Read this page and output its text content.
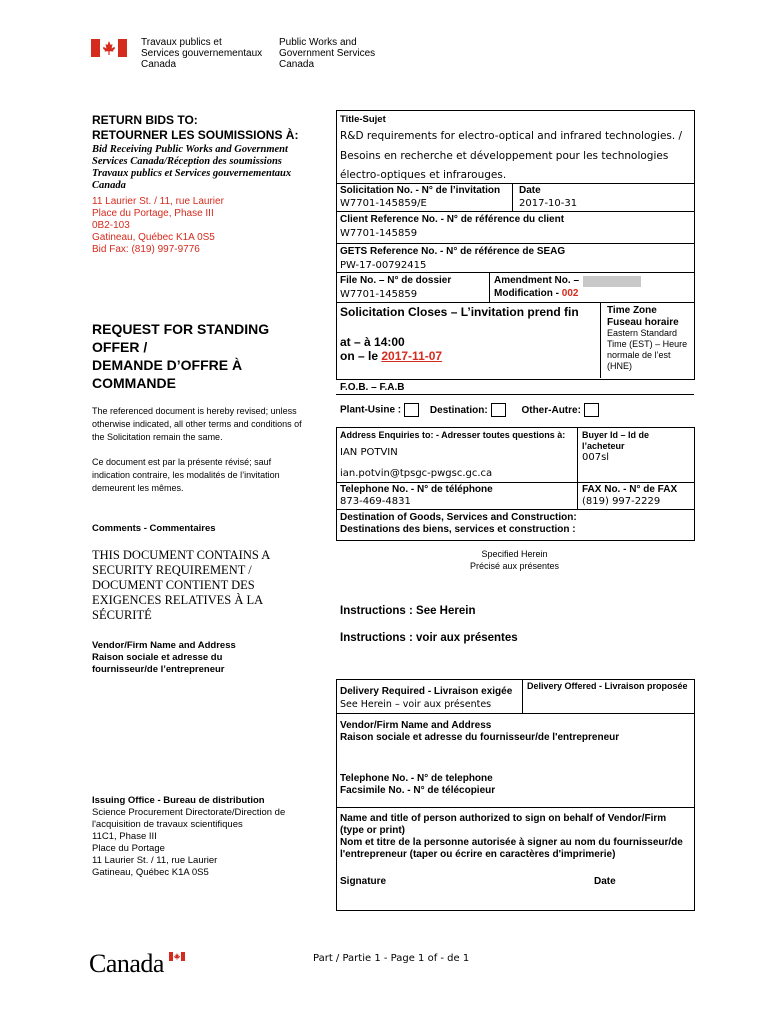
Travaux publics et
Services gouvernementaux
Canada
Public Works and
Government Services
Canada
RETURN BIDS TO:
RETOURNER LES SOUMISSIONS À:
Bid Receiving Public Works and Government Services Canada/Réception des soumissions Travaux publics et Services gouvernementaux Canada
11 Laurier St. / 11, rue Laurier
Place du Portage, Phase III
0B2-103
Gatineau, Québec K1A 0S5
Bid Fax: (819) 997-9776
REQUEST FOR STANDING
OFFER /
DEMANDE D’OFFRE À
COMMANDE
The referenced document is hereby revised; unless otherwise indicated, all other terms and conditions of the Solicitation remain the same.
Ce document est par la présente révisé; sauf indication contraire, les modalités de l’invitation demeurent les mêmes.
Comments - Commentaires
THIS DOCUMENT CONTAINS A SECURITY REQUIREMENT / DOCUMENT CONTIENT DES EXIGENCES RELATIVES À LA SÉCURITÉ
Vendor/Firm Name and Address Raison sociale et adresse du fournisseur/de l’entrepreneur
Issuing Office - Bureau de distribution
Science Procurement Directorate/Direction de
l'acquisition de travaux scientifiques
11C1, Phase III
Place du Portage
11 Laurier St. / 11, rue Laurier
Gatineau, Québec K1A 0S5
Title-Sujet
R&D requirements for electro-optical and infrared technologies. /
Besoins en recherche et développement pour les technologies
électro-optiques et infrarouges.
Solicitation No. - N° de l’invitation
W7701-145859/E
Date
2017-10-31
Client Reference No. - N° de référence du client
W7701-145859
GETS Reference No. - N° de référence de SEAG
PW-17-00792415
File No. – N° de dossier
W7701-145859
Amendment No. –
Modification - 002
Solicitation Closes – L’invitation prend fin
at – à 14:00
on – le 2017-11-07
Time Zone
Fuseau horaire
Eastern Standard Time (EST) – Heure normale de l’est (HNE)
F.O.B. – F.A.B
Plant-Usine :	Destination:	Other-Autre:
Address Enquiries to: - Adresser toutes questions à:
IAN POTVIN
ian.potvin@tpsgc-pwgsc.gc.ca
Buyer Id – Id de l’acheteur
007sl
Telephone No. - N° de téléphone
873-469-4831
FAX No. - N° de FAX
(819) 997-2229
Destination of Goods, Services and Construction:
Destinations des biens, services et construction :
Specified Herein
Précisé aux présentes
Instructions : See Herein
Instructions : voir aux présentes
Delivery Required - Livraison exigée
See Herein – voir aux présentes
Delivery Offered - Livraison proposée
Vendor/Firm Name and Address
Raison sociale et adresse du fournisseur/de l'entrepreneur
Telephone No. - N° de telephone
Facsimile No. - N° de télécopieur
Name and title of person authorized to sign on behalf of Vendor/Firm (type or print)
Nom et titre de la personne autorisée à signer au nom du fournisseur/de l'entrepreneur (taper ou écrire en caractères d'imprimerie)
Signature	Date
Canada	Part / Partie 1 - Page 1 of - de 1
